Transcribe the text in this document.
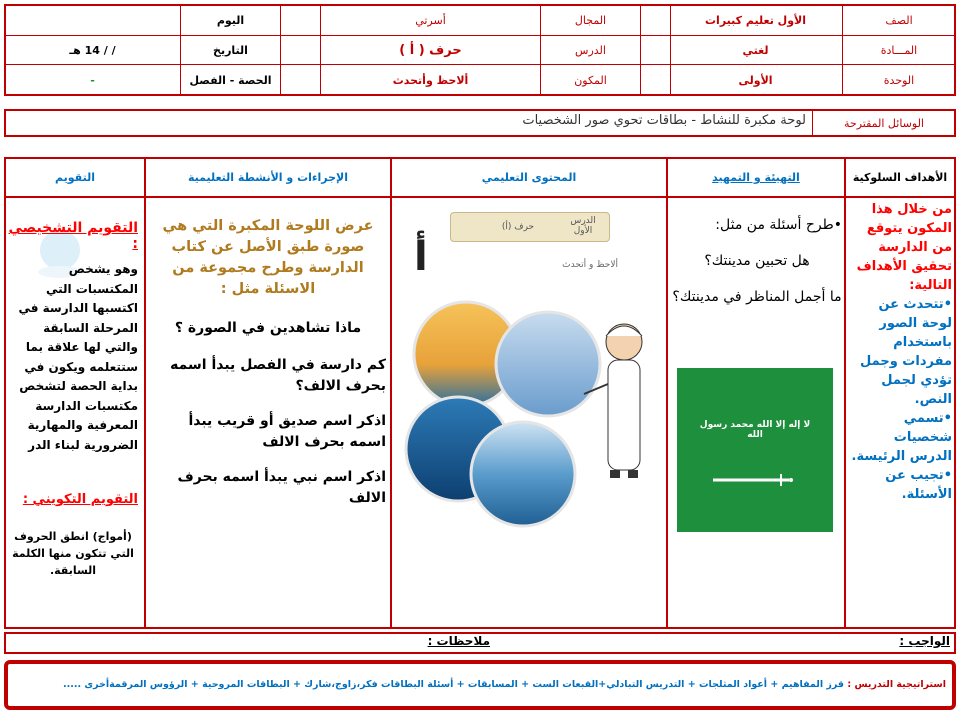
الصف
الأول تعليم كبيرات
المجال
أسرتي
اليوم
المـــادة
لغتي
الدرس
حرف ( أ )
التاريخ
/ / 14 هـ
الوحدة
الأولى
المكون
ألاحظ وأتحدث
الحصة - الفصل
-
الوسائل المقترحة
لوحة مكبرة للنشاط - بطاقات تحوي صور الشخصيات
الأهداف السلوكية
التهيئة و التمهيد
المحتوى التعليمي
الإجراءات و الأنشطة التعليمية
التقويم
من خلال هذا المكون يتوقع من الدارسة تحقيق الأهداف التالية:
•تتحدث عن لوحة الصور باستخدام مفردات وجمل تؤدي لجمل النص.
•تسمي شخصيات الدرس الرئيسة.
•تجيب عن الأسئلة.
•طرح أسئلة من مثل:
هل تحبين مدينتك؟
ما أجمل المناظر في مدينتك؟
لا إله إلا الله محمد رسول الله
الدرس الأول
حرف (أ)
ألاحظ و أتحدث
أ
عرض اللوحة المكبرة التي هي صورة طبق الأصل عن كتاب الدارسة وطرح مجموعة من الاسئلة مثل :
ماذا تشاهدين في الصورة ؟
كم دارسة في الفصل يبدأ اسمه بحرف الالف؟
اذكر اسم صديق أو قريب يبدأ اسمه بحرف الالف
اذكر اسم نبي يبدأ اسمه بحرف الالف
التقويم التشخيصي :
وهو يشخص المكتسبات التي اكتسبها الدارسة في المرحلة السابقة والتي لها علاقة بما ستتعلمه ويكون في بداية الحصة لتشخص مكتسبات الدارسة المعرفية والمهارية الضرورية لبناء الدر
التقويم التكويني :
(أمواج) انطق الحروف التي تتكون منها الكلمة السابقة.
الواجب :
ملاحظات :
استراتيجية التدريس : قرز المفاهيم + أعواد المثلجات + التدريس التبادلي+القبعات الست + المسابقات + أسئلة البطاقات فكر،زاوج،شارك + البطاقات المروحية + الرؤوس المرقمةأخرى .....
